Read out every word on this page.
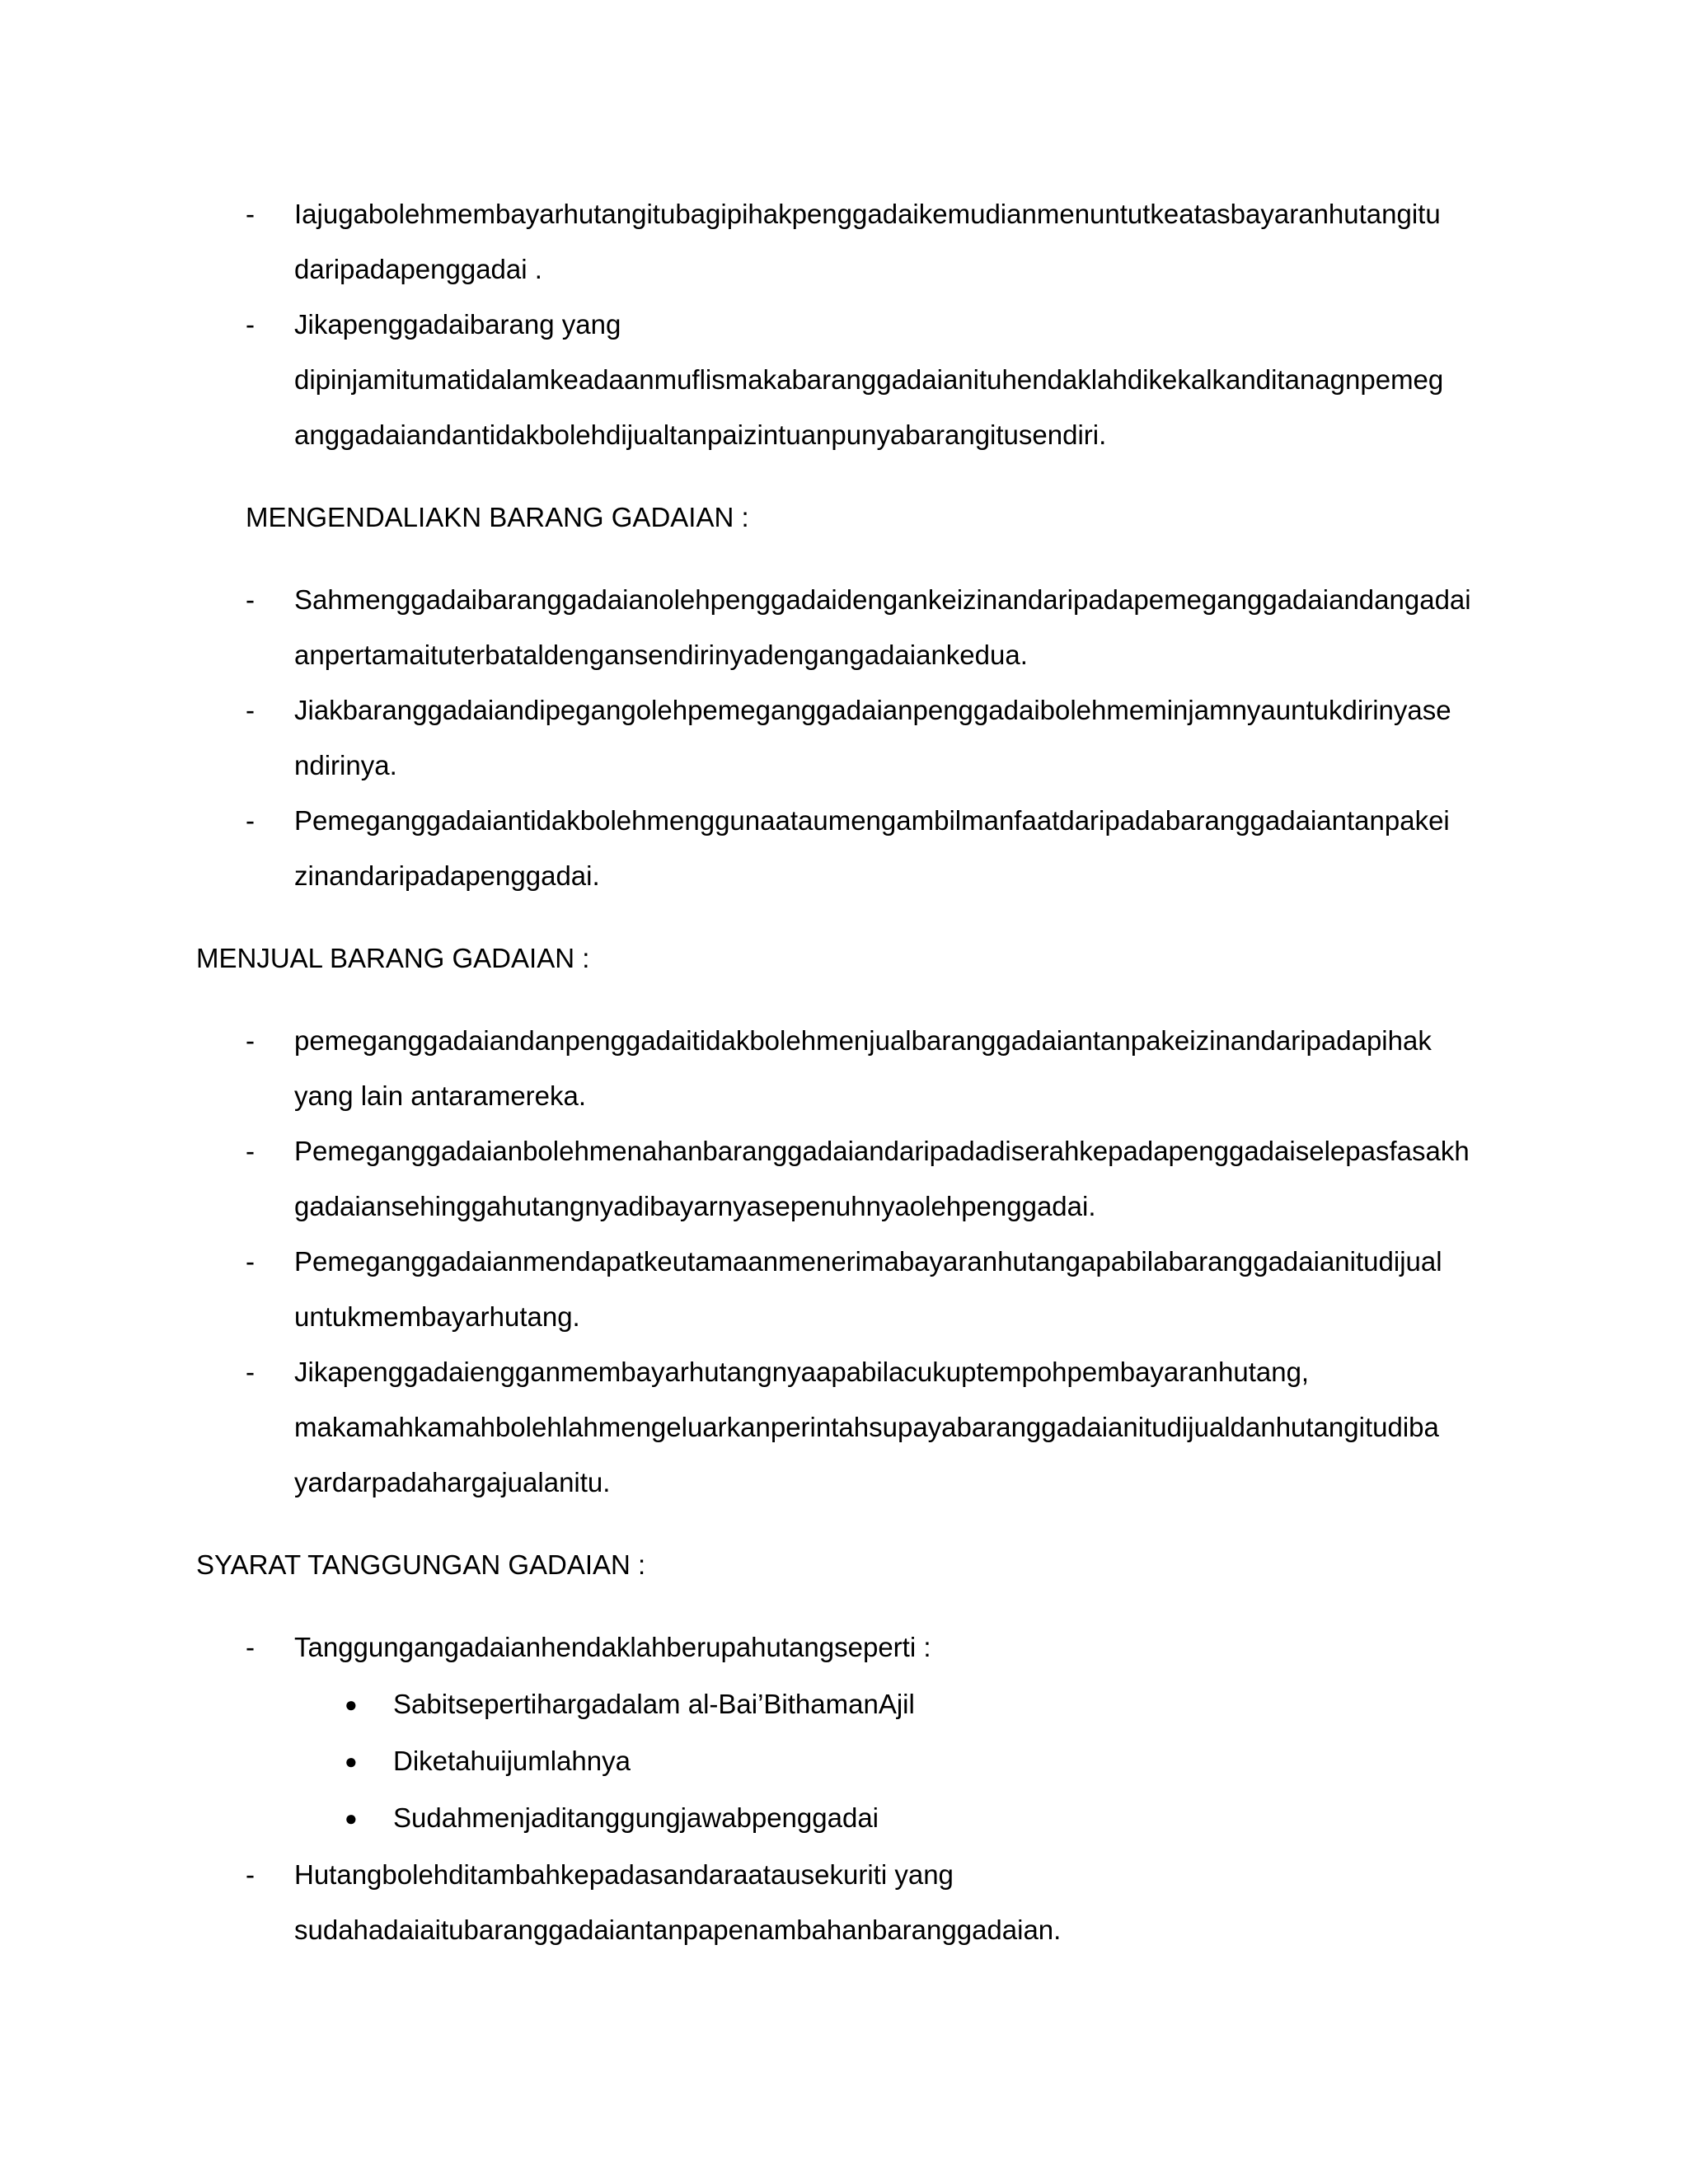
- Iajugabolehmembayarhutangitubagipihakpenggadaikemudianmenuntutkeatasbayaranhutangitu
daripadapenggadai .
- Jikapenggadaibarang yang
dipinjamitumatidalamkeadaanmuflismakabaranggadaianituhendaklahdikekalkanditanagnpemeg
anggadaiandantidakbolehdijualtanpaizintuanpunyabarangitusendiri.
MENGENDALIAKN BARANG GADAIAN :
- Sahmenggadaibaranggadaianolehpenggadaidengankeizinandaripadapemeganggadaiandangadai
anpertamaituterbataldengansendirinyadengangadaiankedua.
- Jiakbaranggadaiandipegangolehpemeganggadaianpenggadaibolehmeminjamnyauntukdirinyase
ndirinya.
- Pemeganggadaiantidakbolehmenggunaataumengambilmanfaatdaripadabaranggadaiantanpakei
zinandaripadapenggadai.
MENJUAL BARANG GADAIAN :
- pemeganggadaiandanpenggadaitidakbolehmenjualbaranggadaiantanpakeizinandaripadapihak
yang lain antaramereka.
- Pemeganggadaianbolehmenahanbaranggadaiandaripadadiserahkepadapenggadaiselepasfasakh
gadaiansehinggahutangnyadibayarnyasepenuhnyaolehpenggadai.
- Pemeganggadaianmendapatkeutamaanmenerimabayaranhutangapabilabaranggadaianitudijual
untukmembayarhutang.
- Jikapenggadaiengganmembayarhutangnyaapabilacukuptempohpembayaranhutang,
makamahkamahbolehlahmengeluarkanperintahsupayabaranggadaianitudijualdanhutangitudiba
yardarpadahargajualanitu.
SYARAT TANGGUNGAN GADAIAN :
- Tanggungangadaianhendaklahberupahutangseperti :
● Sabitsepertihargadalam al-Bai’BithamanAjil
● Diketahuijumlahnya
● Sudahmenjaditanggungjawabpenggadai
- Hutangbolehditambahkepadasandaraatausekuriti yang
sudahadaiaitubaranggadaiantanpapenambahanbaranggadaian.
